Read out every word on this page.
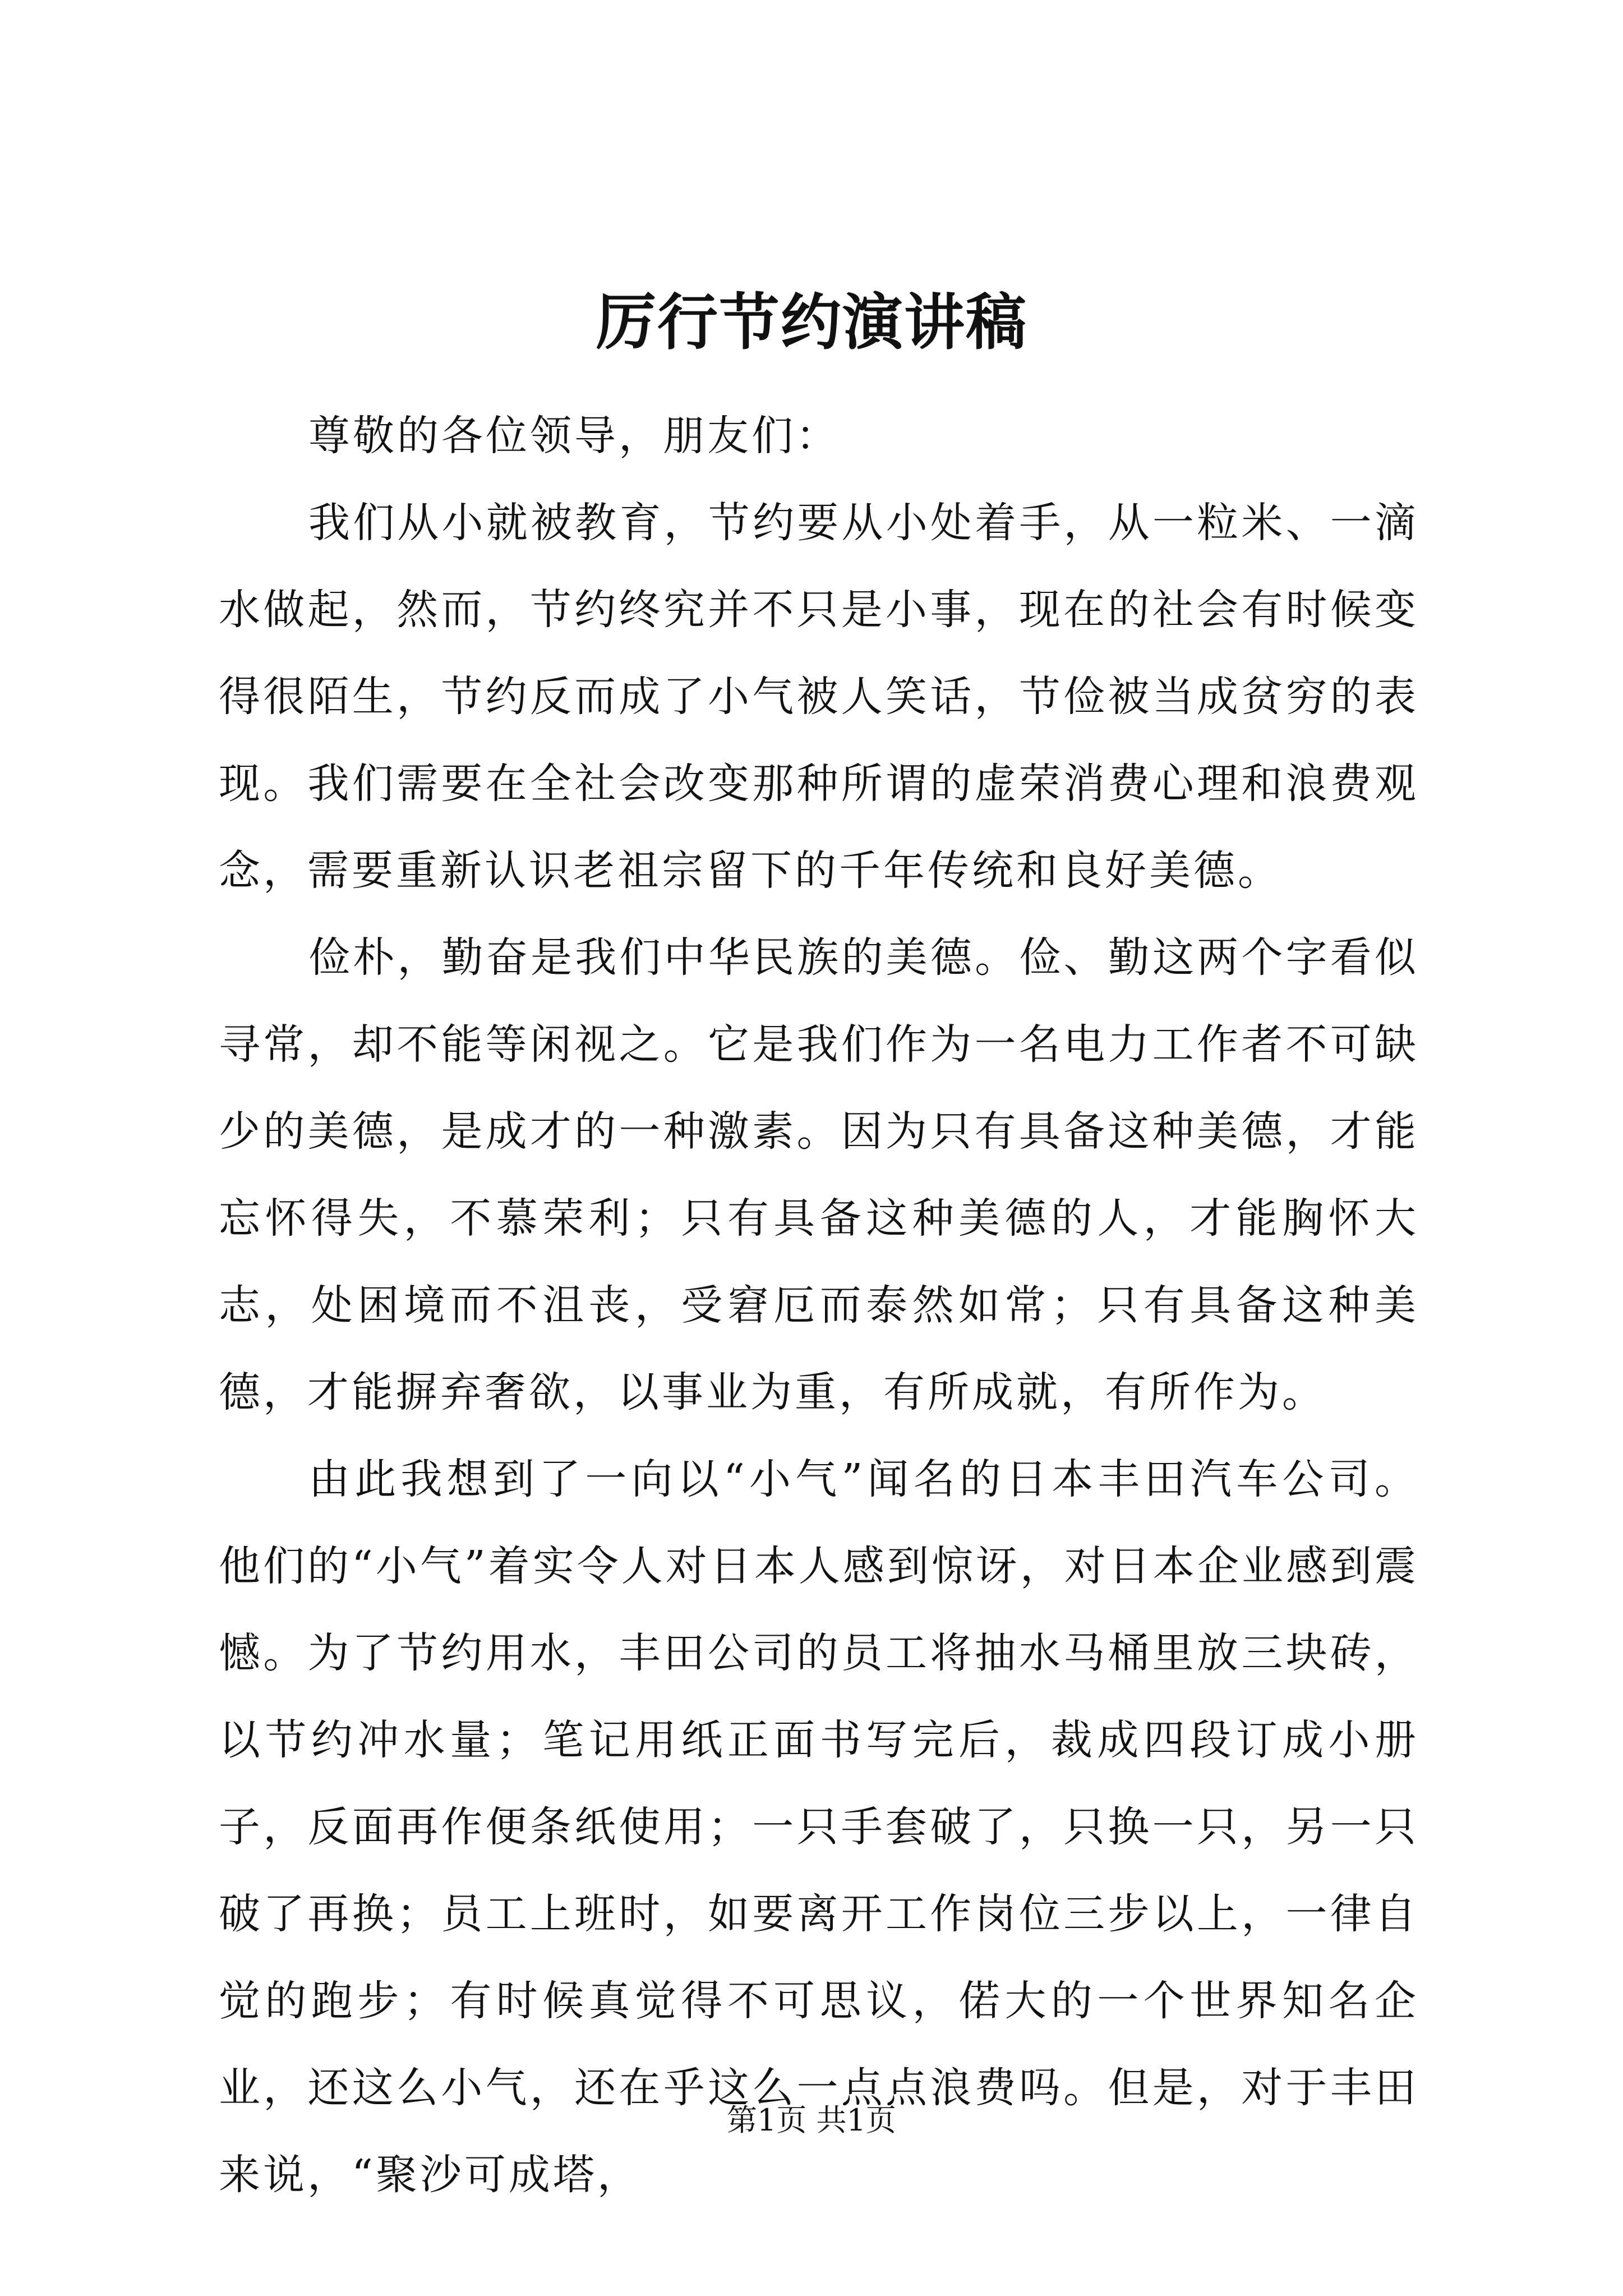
厉行节约演讲稿

尊敬的各位领导，朋友们：

我们从小就被教育，节约要从小处着手，从一粒米、一滴水做起，然而，节约终究并不只是小事，现在的社会有时候变得很陌生，节约反而成了小气被人笑话，节俭被当成贫穷的表现。我们需要在全社会改变那种所谓的虚荣消费心理和浪费观念，需要重新认识老祖宗留下的千年传统和良好美德。

俭朴，勤奋是我们中华民族的美德。俭、勤这两个字看似寻常，却不能等闲视之。它是我们作为一名电力工作者不可缺少的美德，是成才的一种激素。因为只有具备这种美德，才能忘怀得失，不慕荣利；只有具备这种美德的人，才能胸怀大志，处困境而不沮丧，受窘厄而泰然如常；只有具备这种美德，才能摒弃奢欲，以事业为重，有所成就，有所作为。

由此我想到了一向以“小气”闻名的日本丰田汽车公司。他们的“小气”着实令人对日本人感到惊讶，对日本企业感到震憾。为了节约用水，丰田公司的员工将抽水马桶里放三块砖，以节约冲水量；笔记用纸正面书写完后，裁成四段订成小册子，反面再作便条纸使用；一只手套破了，只换一只，另一只破了再换；员工上班时，如要离开工作岗位三步以上，一律自觉的跑步；有时候真觉得不可思议，偌大的一个世界知名企业，还这么小气，还在乎这么一点点浪费吗。但是，对于丰田来说，“聚沙可成塔，

第1页 共1页
